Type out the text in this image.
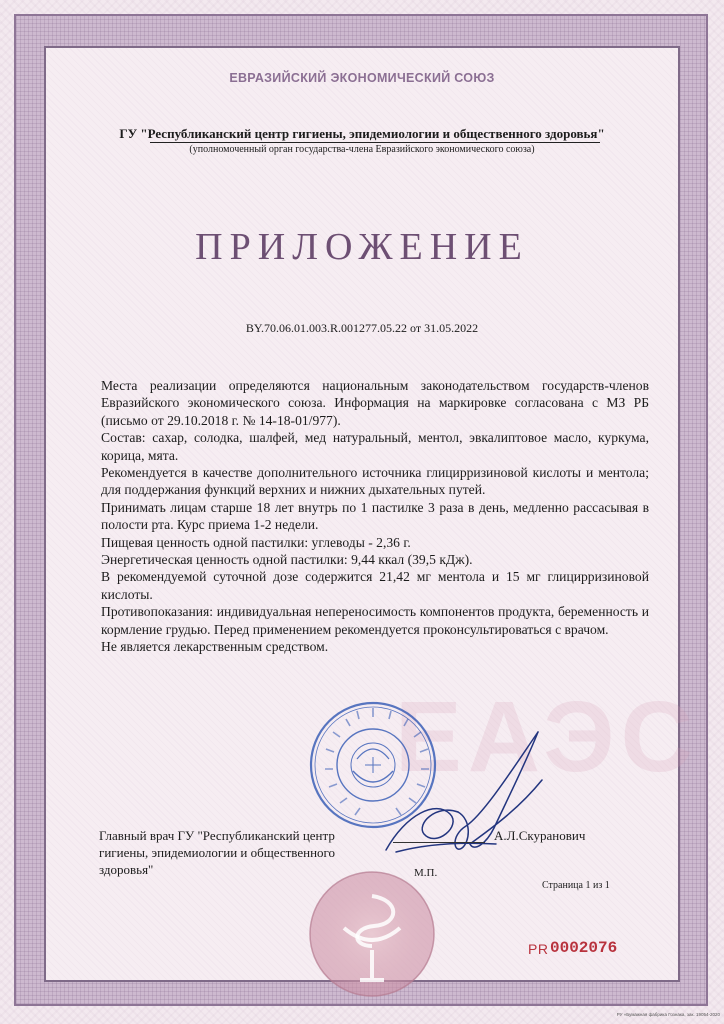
ЕАЭС
ЕВРАЗИЙСКИЙ ЭКОНОМИЧЕСКИЙ СОЮЗ
ГУ "Республиканский центр гигиены, эпидемиологии и общественного здоровья"
(уполномоченный орган государства-члена Евразийского экономического союза)
ПРИЛОЖЕНИЕ
BY.70.06.01.003.R.001277.05.22 от 31.05.2022

Места реализации определяются национальным законодательством государств-членов Евразийского экономического союза. Информация на маркировке согласована с МЗ РБ (письмо от 29.10.2018 г. № 14-18-01/977).

Состав: сахар, солодка, шалфей, мед натуральный, ментол, эвкалиптовое масло, куркума, корица, мята.

Рекомендуется в качестве дополнительного источника глицирризиновой кислоты и ментола; для поддержания функций верхних и нижних дыхательных путей.

Принимать лицам старше 18 лет внутрь по 1 пастилке 3 раза в день, медленно рассасывая в полости рта. Курс приема 1-2 недели.

Пищевая ценность одной пастилки: углеводы - 2,36 г.

Энергетическая ценность одной пастилки: 9,44 ккал (39,5 кДж).

В рекомендуемой суточной дозе содержится 21,42 мг ментола и 15 мг глицирризиновой кислоты.

Противопоказания: индивидуальная непереносимость компонентов продукта, беременность и кормление грудью. Перед применением рекомендуется проконсультироваться с врачом.

Не является лекарственным средством.

Главный врач ГУ "Республиканский центр гигиены, эпидемиологии и общественного здоровья"
А.Л.Скуранович
М.П.
Страница 1 из 1
PR 0002076
РУ «Бумажная фабрика Гознака, зак. 19054-2020
